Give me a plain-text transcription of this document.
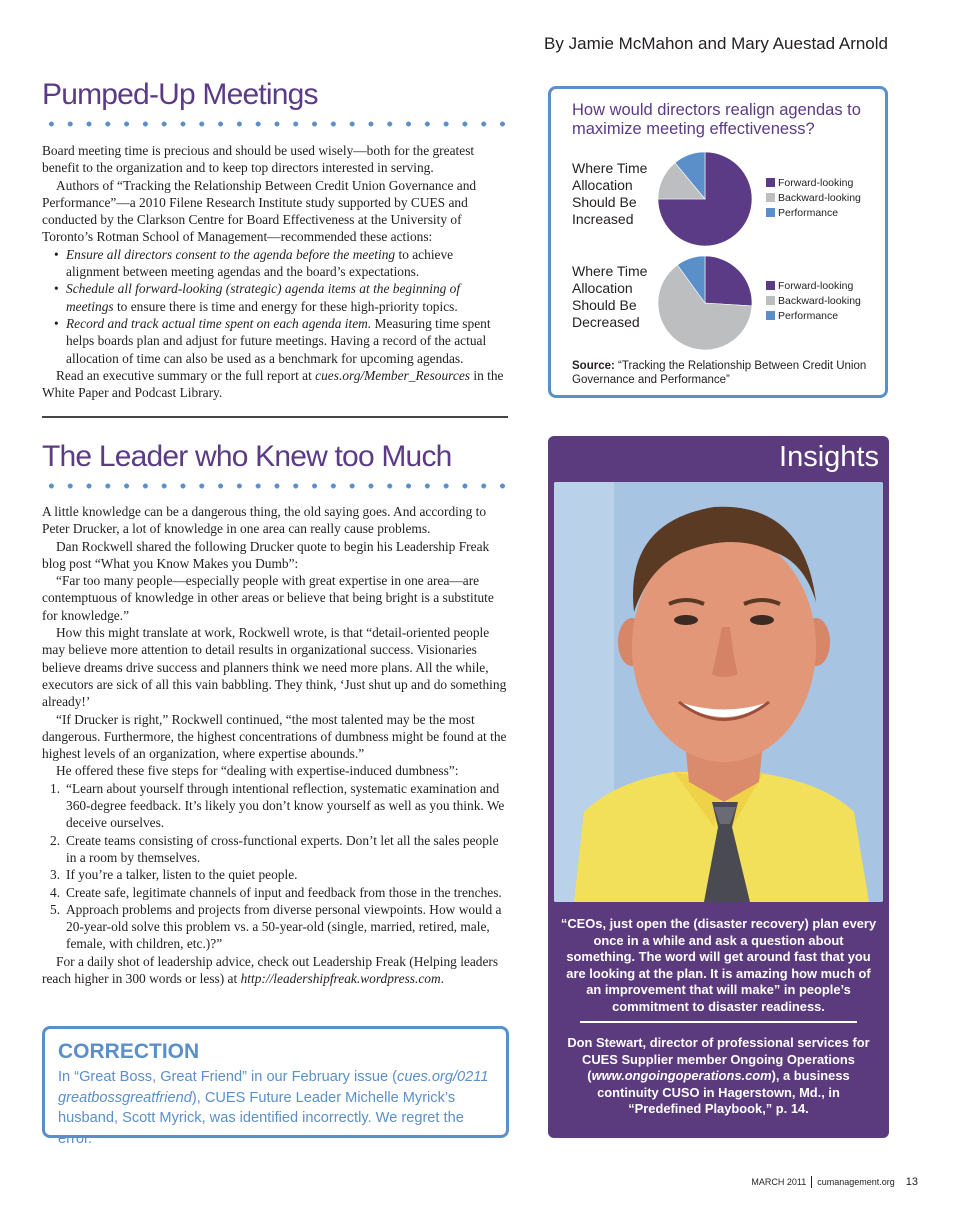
By Jamie McMahon and Mary Auestad Arnold
Pumped-Up Meetings

Board meeting time is precious and should be used wisely—both for the greatest benefit to the organization and to keep top directors interested in serving.

Authors of “Tracking the Relationship Between Credit Union Governance and Performance”—a 2010 Filene Research Institute study supported by CUES and conducted by the Clarkson Centre for Board Effectiveness at the University of Toronto’s Rotman School of Management—recommended these actions:

• Ensure all directors consent to the agenda before the meeting to achieve alignment between meeting agendas and the board’s expectations.

• Schedule all forward-looking (strategic) agenda items at the beginning of meetings to ensure there is time and energy for these high-priority topics.

• Record and track actual time spent on each agenda item. Measuring time spent helps boards plan and adjust for future meetings. Having a record of the actual allocation of time can also be used as a benchmark for upcoming agendas.

Read an executive summary or the full report at cues.org/Member_Resources in the White Paper and Podcast Library.

How would directors realign agendas to maximize meeting effectiveness?
Where Time Allocation Should Be Increased
Forward-looking
Backward-looking
Performance
Where Time Allocation Should Be Decreased
Forward-looking
Backward-looking
Performance
Source: “Tracking the Relationship Between Credit Union Governance and Performance”
The Leader who Knew too Much

A little knowledge can be a dangerous thing, the old saying goes. And according to Peter Drucker, a lot of knowledge in one area can really cause problems.

Dan Rockwell shared the following Drucker quote to begin his Leadership Freak blog post “What you Know Makes you Dumb”:

“Far too many people—especially people with great expertise in one area—are contemptuous of knowledge in other areas or believe that being bright is a substitute for knowledge.”

How this might translate at work, Rockwell wrote, is that “detail-oriented people may believe more attention to detail results in organizational success. Visionaries believe dreams drive success and planners think we need more plans. All the while, executors are sick of all this vain babbling. They think, ‘Just shut up and do something already!’

“If Drucker is right,” Rockwell continued, “the most talented may be the most dangerous. Furthermore, the highest concentrations of dumbness might be found at the highest levels of an organization, where expertise abounds.”

He offered these five steps for “dealing with expertise-induced dumbness”:

1. “Learn about yourself through intentional reflection, systematic examination and 360-degree feedback. It’s likely you don’t know yourself as well as you think. We deceive ourselves.

2. Create teams consisting of cross-functional experts. Don’t let all the sales people in a room by themselves.

3. If you’re a talker, listen to the quiet people.

4. Create safe, legitimate channels of input and feedback from those in the trenches.

5. Approach problems and projects from diverse personal viewpoints. How would a 20-year-old solve this problem vs. a 50-year-old (single, married, retired, male, female, with children, etc.)?”

For a daily shot of leadership advice, check out Leadership Freak (Helping leaders reach higher in 300 words or less) at http://leadershipfreak.wordpress.com.

Insights

“CEOs, just open the (disaster recovery) plan every once in a while and ask a question about something. The word will get around fast that you are looking at the plan. It is amazing how much of an improvement that will make” in people’s commitment to disaster readiness.

Don Stewart, director of professional services for CUES Supplier member Ongoing Operations (www.ongoingoperations.com), a business continuity CUSO in Hagerstown, Md., in “Predefined Playbook,” p. 14.

CORRECTION

In “Great Boss, Great Friend” in our February issue (cues.org/0211 greatbossgreatfriend), CUES Future Leader Michelle Myrick’s husband, Scott Myrick, was identified incorrectly. We regret the error.

MARCH 2011 cumanagement.org 13
